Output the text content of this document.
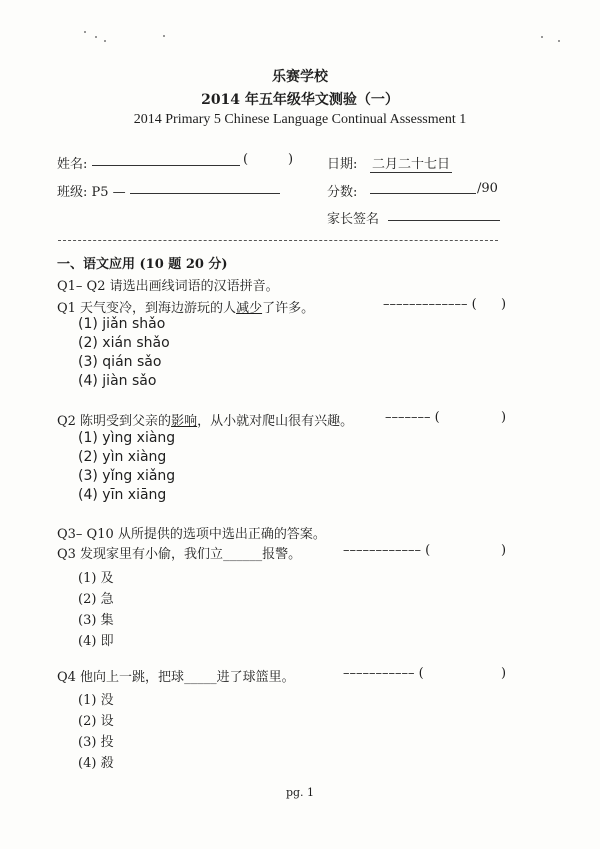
乐赛学校
2014 年五年级华文测验（一）
2014 Primary 5 Chinese Language Continual Assessment 1
姓名:	(	)	日期: 二月二十七日
班级: P5 —	分数:	/90
家长签名
一、语文应用 (10 题 20 分)
Q1– Q2 请选出画线词语的汉语拼音。
Q1 天气变冷，到海边游玩的人减少了许多。	––––––––––––– ( )
(1) jiǎn shǎo
(2) xián shǎo
(3) qián sǎo
(4) jiàn sǎo
Q2 陈明受到父亲的影响，从小就对爬山很有兴趣。 ––––––– (	)
(1) yìng xiàng
(2) yìn xiàng
(3) yǐng xiǎng
(4) yīn xiāng
Q3– Q10 从所提供的选项中选出正确的答案。
Q3 发现家里有小偷，我们立______报警。	–––––––––––– (	)
(1) 及
(2) 急
(3) 集
(4) 即
Q4 他向上一跳，把球_____进了球篮里。	––––––––––– (	)
(1) 没
(2) 设
(3) 投
(4) 殺
pg. 1
